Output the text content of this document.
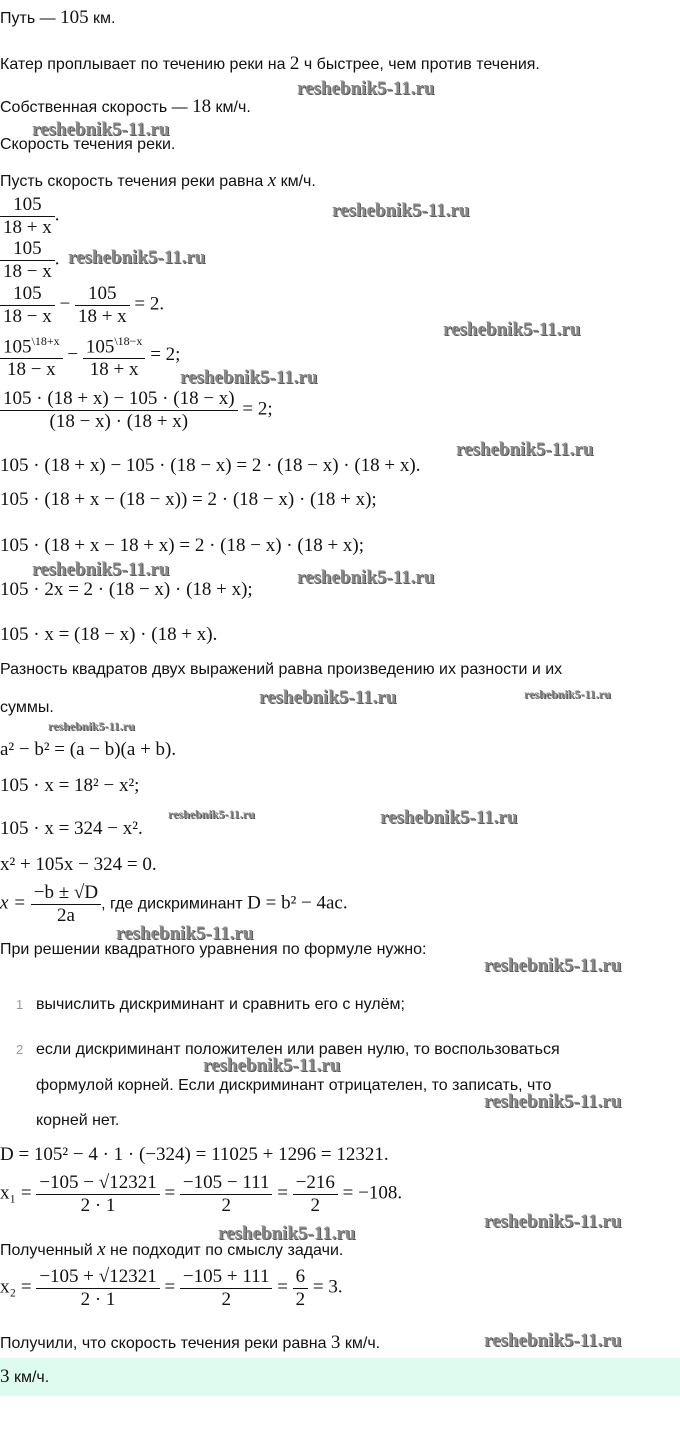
Путь — 105 км.
Катер проплывает по течению реки на 2 ч быстрее, чем против течения.
Собственная скорость — 18 км/ч.
Скорость течения реки.
Пусть скорость течения реки равна x км/ч.
$\frac{105}{18 + x}$ .
$\frac{105}{18 - x}$ .
$\frac{105}{18 - x} - \frac{105}{18 + x} = 2$.
$\frac{105^{\backslash 18+x}}{18 - x} - \frac{105^{\backslash 18-x}}{18 + x} = 2$;
$\frac{105 \cdot (18 + x) - 105 \cdot (18 - x)}{(18 - x) \cdot (18 + x)} = 2$;
105 · (18 + x) − 105 · (18 − x) = 2 · (18 − x) · (18 + x).
105 · (18 + x − (18 − x)) = 2 · (18 − x) · (18 + x);
105 · (18 + x − 18 + x) = 2 · (18 − x) · (18 + x);
105 · 2x = 2 · (18 − x) · (18 + x);
105 · x = (18 − x) · (18 + x).
Разность квадратов двух выражений равна произведению их разности и их
суммы.
a² − b² = (a − b)(a + b).
105 · x = 18² − x²;
105 · x = 324 − x².
x² + 105x − 324 = 0.
$x = \frac{-b \pm √D}{2a}$ , где дискриминант D = b² − 4ac.
При решении квадратного уравнения по формуле нужно:
1 вычислить дискриминант и сравнить его с нулём;
2 если дискриминант положителен или равен нулю, то воспользоваться
формулой корней. Если дискриминант отрицателен, то записать, что
корней нет.
D = 105² − 4 · 1 · (−324) = 11025 + 1296 = 12321.
$x_1 = \frac{-105 - √12321}{2 \cdot 1} = \frac{-105 - 111}{2} = \frac{-216}{2} = -108$.
Полученный x не подходит по смыслу задачи.
$x_2 = \frac{-105 + √12321}{2 \cdot 1} = \frac{-105 + 111}{2} = \frac{6}{2} = 3$.
Получили, что скорость течения реки равна 3 км/ч.
3 км/ч.
reshebnik5-11.ru
reshebnik5-11.ru
reshebnik5-11.ru
reshebnik5-11.ru
reshebnik5-11.ru
reshebnik5-11.ru
reshebnik5-11.ru
reshebnik5-11.ru	reshebnik5-11.ru
reshebnik5-11.ru	reshebnik5-11.ru
reshebnik5-11.ru
reshebnik5-11.ru	reshebnik5-11.ru
reshebnik5-11.ru
reshebnik5-11.ru
reshebnik5-11.ru
reshebnik5-11.ru
reshebnik5-11.ru
reshebnik5-11.ru
reshebnik5-11.ru
